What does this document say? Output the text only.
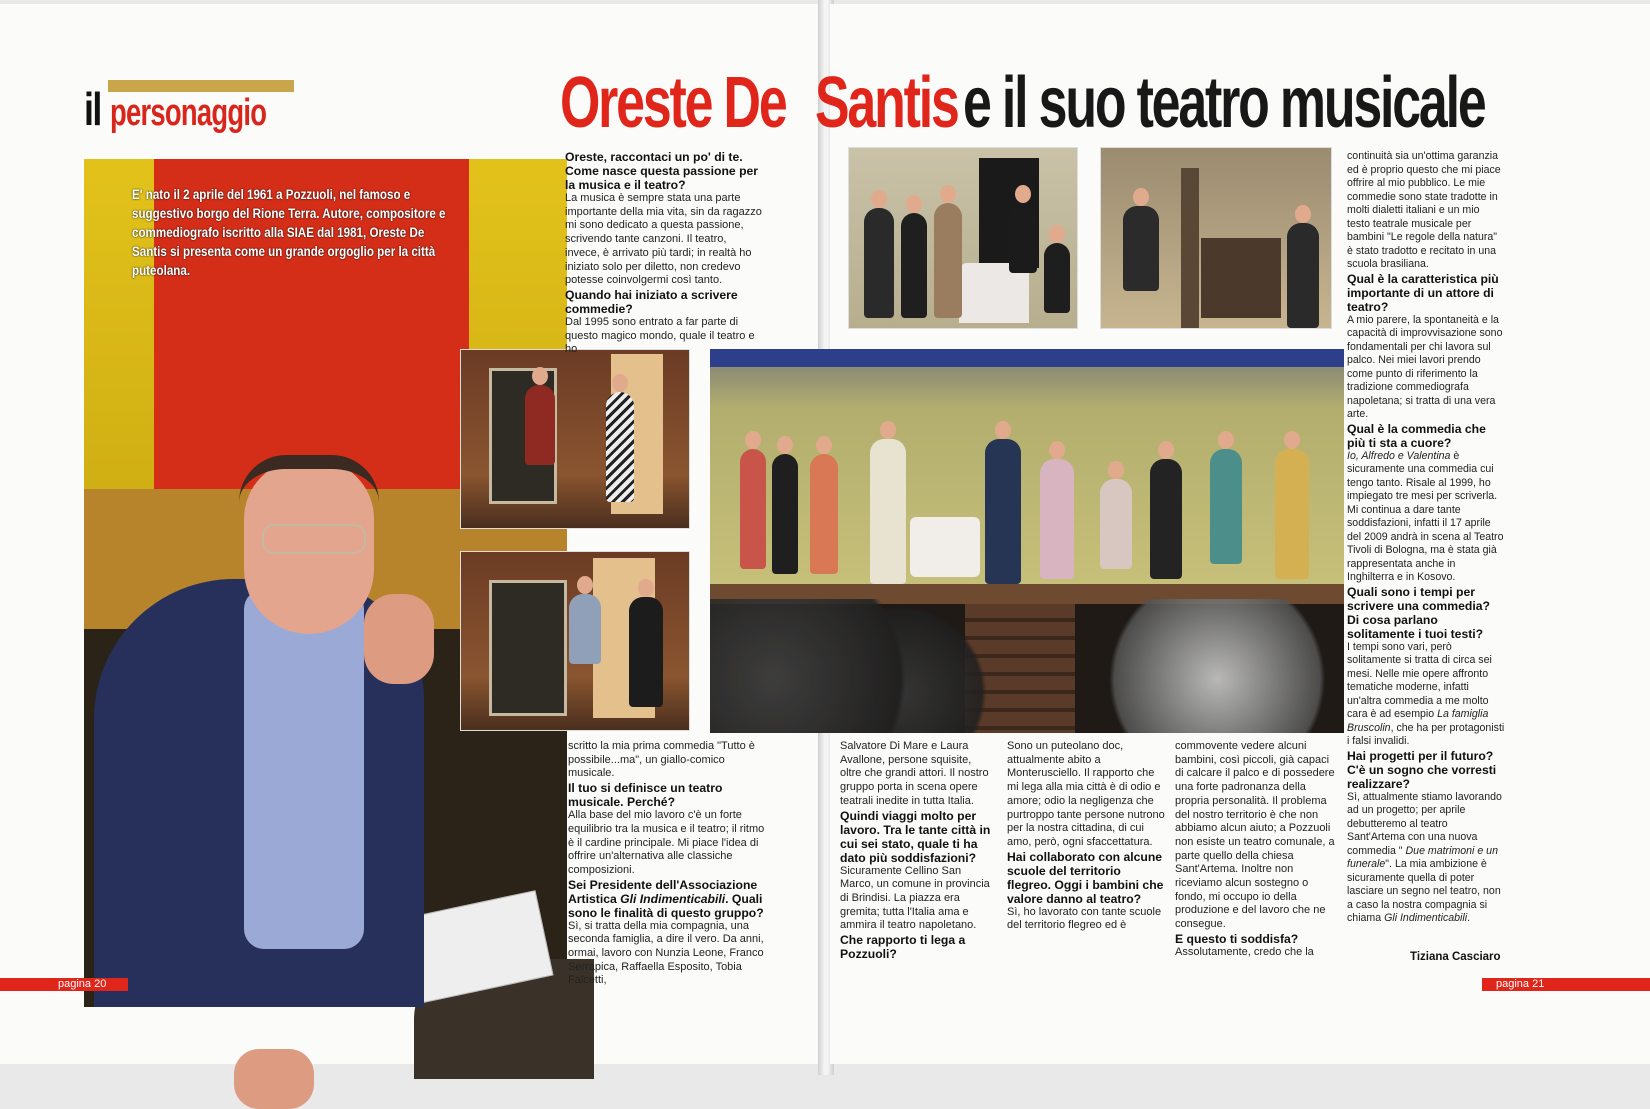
il personaggio	Oreste De
E' nato il 2 aprile del 1961 a Pozzuoli, nel famoso e suggestivo borgo del Rione Terra. Autore, compositore e commediografo iscritto alla SIAE dal 1981, Oreste De Santis si presenta come un grande orgoglio per la città puteolana.

Oreste, raccontaci un po' di te. Come nasce questa passione per la musica e il teatro?

La musica è sempre stata una parte importante della mia vita, sin da ragazzo mi sono dedicato a questa passione, scrivendo tante canzoni. Il teatro, invece, è arrivato più tardi; in realtà ho iniziato solo per diletto, non credevo potesse coinvolgermi così tanto.

Quando hai iniziato a scrivere commedie?

Dal 1995 sono entrato a far parte di questo magico mondo, quale il teatro e ho

scritto la mia prima commedia "Tutto è possibile...ma", un giallo-comico musicale.

Il tuo si definisce un teatro musicale. Perché?

Alla base del mio lavoro c'è un forte equilibrio tra la musica e il teatro; il ritmo è il cardine principale. Mi piace l'idea di offrire un'alternativa alle classiche composizioni.

Sei Presidente dell'Associazione Artistica Gli Indimenticabili. Quali sono le finalità di questo gruppo?

Sì, si tratta della mia compagnia, una seconda famiglia, a dire il vero. Da anni, ormai, lavoro con Nunzia Leone, Franco Serrapica, Raffaella Esposito, Tobia Falcetti,

pagina 20
Santis e il suo teatro musicale

Salvatore Di Mare e Laura Avallone, persone squisite, oltre che grandi attori. Il nostro gruppo porta in scena opere teatrali inedite in tutta Italia.

Quindi viaggi molto per lavoro. Tra le tante città in cui sei stato, quale ti ha dato più soddisfazioni?

Sicuramente Cellino San Marco, un comune in provincia di Brindisi. La piazza era gremita; tutta l'Italia ama e ammira il teatro napoletano.

Che rapporto ti lega a Pozzuoli?

Sono un puteolano doc, attualmente abito a Monterusciello. Il rapporto che mi lega alla mia città è di odio e amore; odio la negligenza che purtroppo tante persone nutrono per la nostra cittadina, di cui amo, però, ogni sfaccettatura.

Hai collaborato con alcune scuole del territorio flegreo. Oggi i bambini che valore danno al teatro?

Sì, ho lavorato con tante scuole del territorio flegreo ed è

commovente vedere alcuni bambini, così piccoli, già capaci di calcare il palco e di possedere una forte padronanza della propria personalità. Il problema del nostro territorio è che non abbiamo alcun aiuto; a Pozzuoli non esiste un teatro comunale, a parte quello della chiesa Sant'Artema. Inoltre non riceviamo alcun sostegno o fondo, mi occupo io della produzione e del lavoro che ne consegue.

E questo ti soddisfa?

Assolutamente, credo che la

continuità sia un'ottima garanzia ed è proprio questo che mi piace offrire al mio pubblico. Le mie commedie sono state tradotte in molti dialetti italiani e un mio testo teatrale musicale per bambini "Le regole della natura" è stato tradotto e recitato in una scuola brasiliana.

Qual è la caratteristica più importante di un attore di teatro?

A mio parere, la spontaneità e la capacità di improvvisazione sono fondamentali per chi lavora sul palco. Nei miei lavori prendo come punto di riferimento la tradizione commediografa napoletana; si tratta di una vera arte.

Qual è la commedia che più ti sta a cuore?

Io, Alfredo e Valentina è sicuramente una commedia cui tengo tanto. Risale al 1999, ho impiegato tre mesi per scriverla. Mi continua a dare tante soddisfazioni, infatti il 17 aprile del 2009 andrà in scena al Teatro Tivoli di Bologna, ma è stata già rappresentata anche in Inghilterra e in Kosovo.

Quali sono i tempi per scrivere una commedia? Di cosa parlano solitamente i tuoi testi?

I tempi sono vari, però solitamente si tratta di circa sei mesi. Nelle mie opere affronto tematiche moderne, infatti un'altra commedia a me molto cara è ad esempio La famiglia Bruscolin, che ha per protagonisti i falsi invalidi.

Hai progetti per il futuro? C'è un sogno che vorresti realizzare?

Sì, attualmente stiamo lavorando ad un progetto; per aprile debutteremo al teatro Sant'Artema con una nuova commedia " Due matrimoni e un funerale". La mia ambizione è sicuramente quella di poter lasciare un segno nel teatro, non a caso la nostra compagnia si chiama Gli Indimenticabili.

pagina 21
Tiziana Casciaro
